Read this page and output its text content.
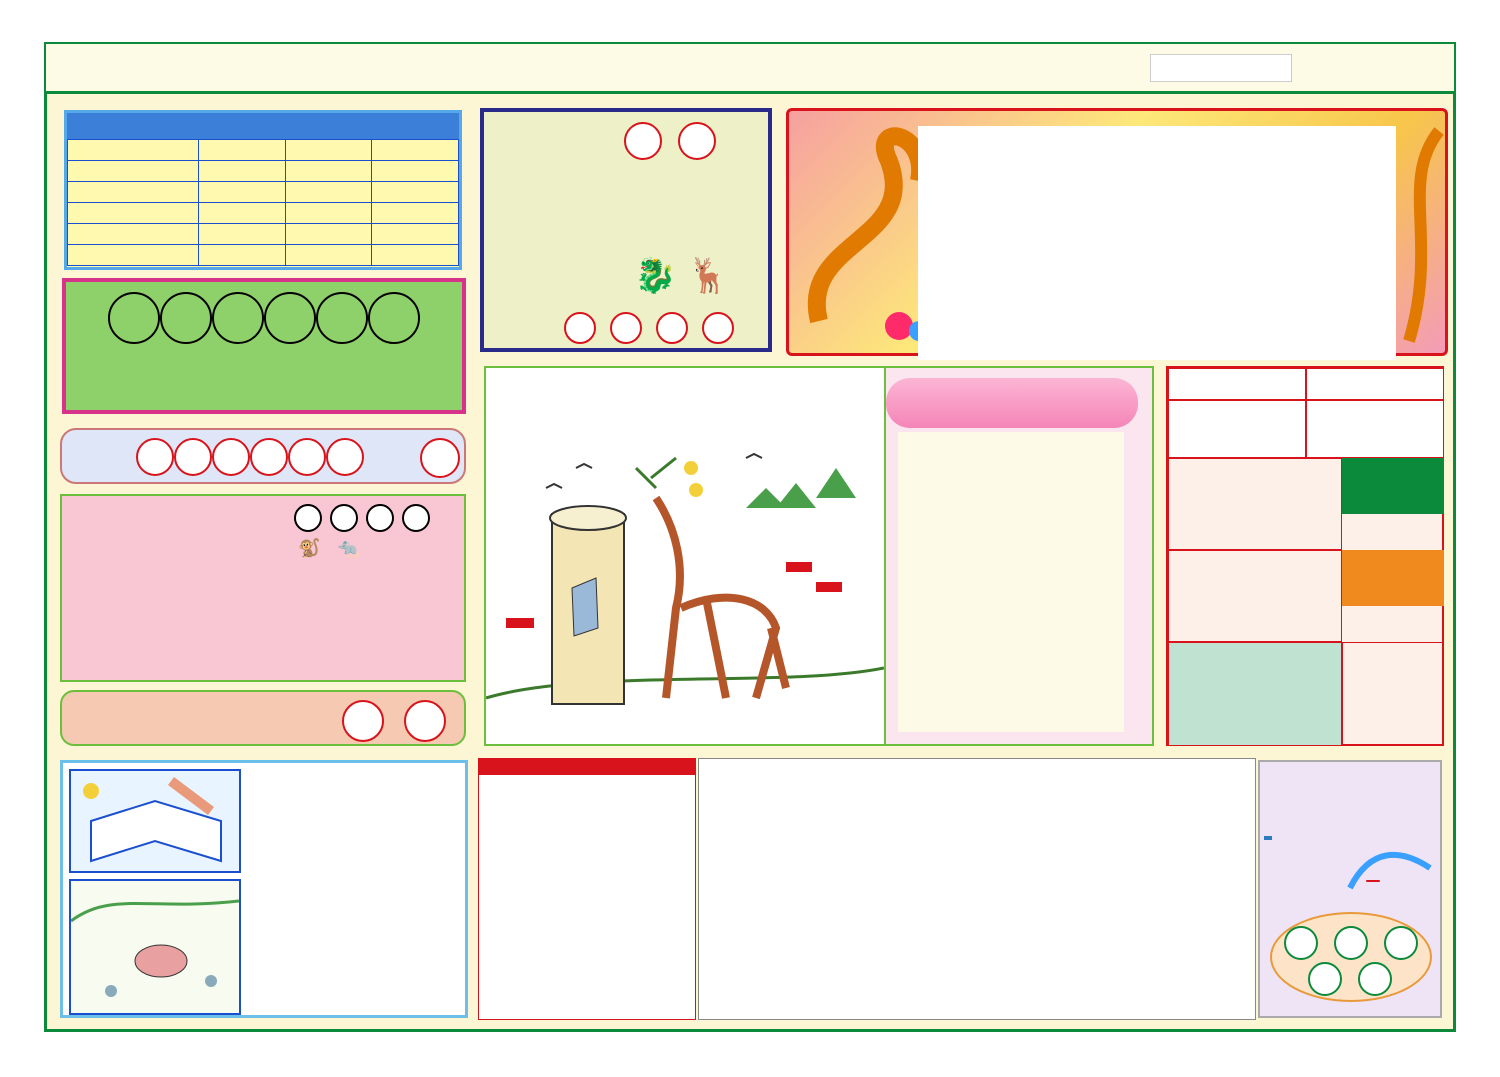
🐒 🐀
🐉 🦌
